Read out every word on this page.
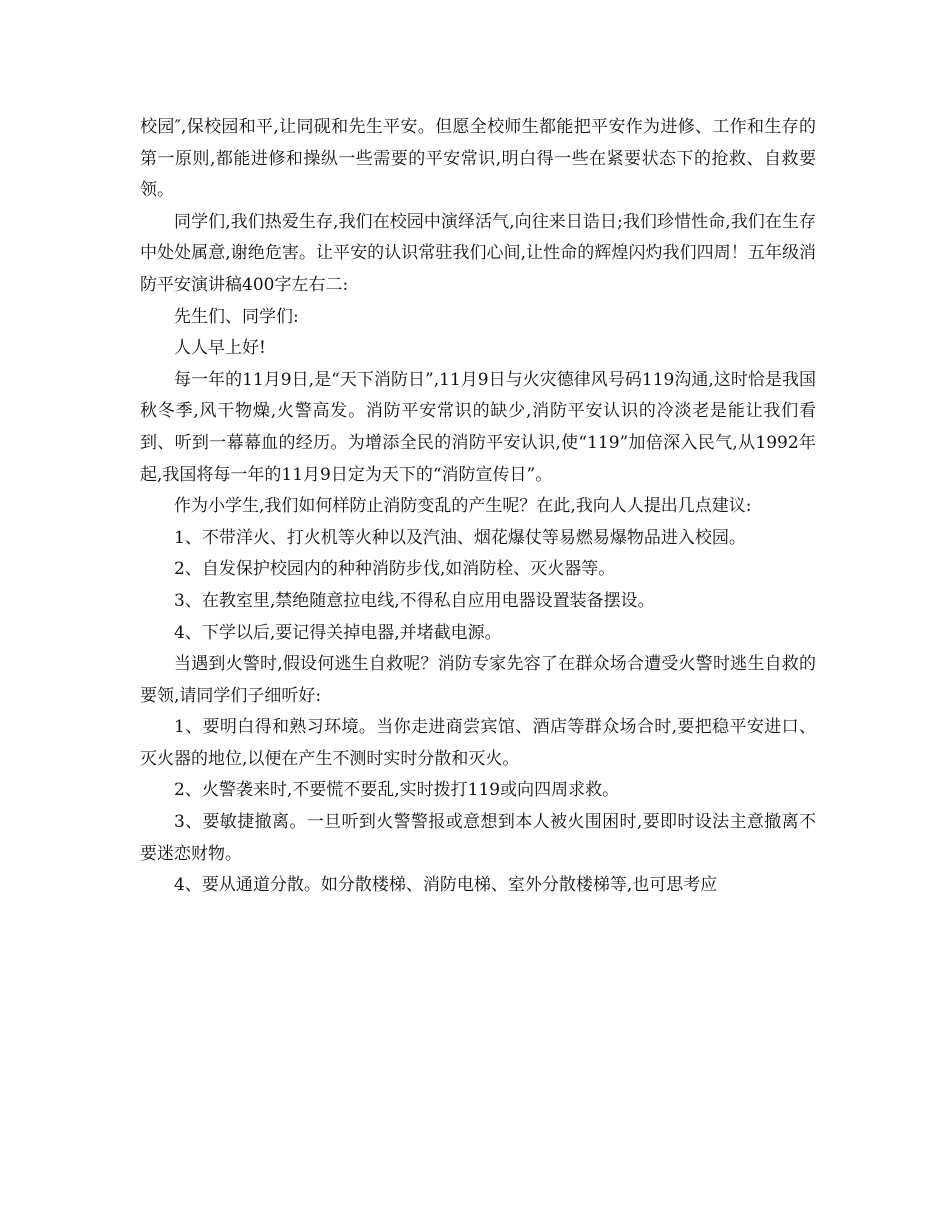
校园″,保校园和平,让同砚和先生平安。但愿全校师生都能把平安作为进修、工作和生存的第一原则,都能进修和操纵一些需要的平安常识,明白得一些在紧要状态下的抢救、自救要领。

同学们,我们热爱生存,我们在校园中演绎活气,向往来日诰日;我们珍惜性命,我们在生存中处处属意,谢绝危害。让平安的认识常驻我们心间,让性命的辉煌闪灼我们四周！五年级消防平安演讲稿400字左右二:

先生们、同学们:

人人早上好!

每一年的11月9日,是“天下消防日”,11月9日与火灾德律风号码119沟通,这时恰是我国秋冬季,风干物燥,火警高发。消防平安常识的缺少,消防平安认识的冷淡老是能让我们看到、听到一幕幕血的经历。为增添全民的消防平安认识,使“119”加倍深入民气,从1992年起,我国将每一年的11月9日定为天下的“消防宣传日”。

作为小学生,我们如何样防止消防变乱的产生呢？在此,我向人人提出几点建议:

1、不带洋火、打火机等火种以及汽油、烟花爆仗等易燃易爆物品进入校园。

2、自发保护校园内的种种消防步伐,如消防栓、灭火器等。

3、在教室里,禁绝随意拉电线,不得私自应用电器设置装备摆设。

4、下学以后,要记得关掉电器,并堵截电源。

当遇到火警时,假设何逃生自救呢？消防专家先容了在群众场合遭受火警时逃生自救的要领,请同学们子细听好:

1、要明白得和熟习环境。当你走进商尝宾馆、酒店等群众场合时,要把稳平安进口、灭火器的地位,以便在产生不测时实时分散和灭火。

2、火警袭来时,不要慌不要乱,实时拨打119或向四周求救。

3、要敏捷撤离。一旦听到火警警报或意想到本人被火围困时,要即时设法主意撤离不要迷恋财物。

4、要从通道分散。如分散楼梯、消防电梯、室外分散楼梯等,也可思考应
